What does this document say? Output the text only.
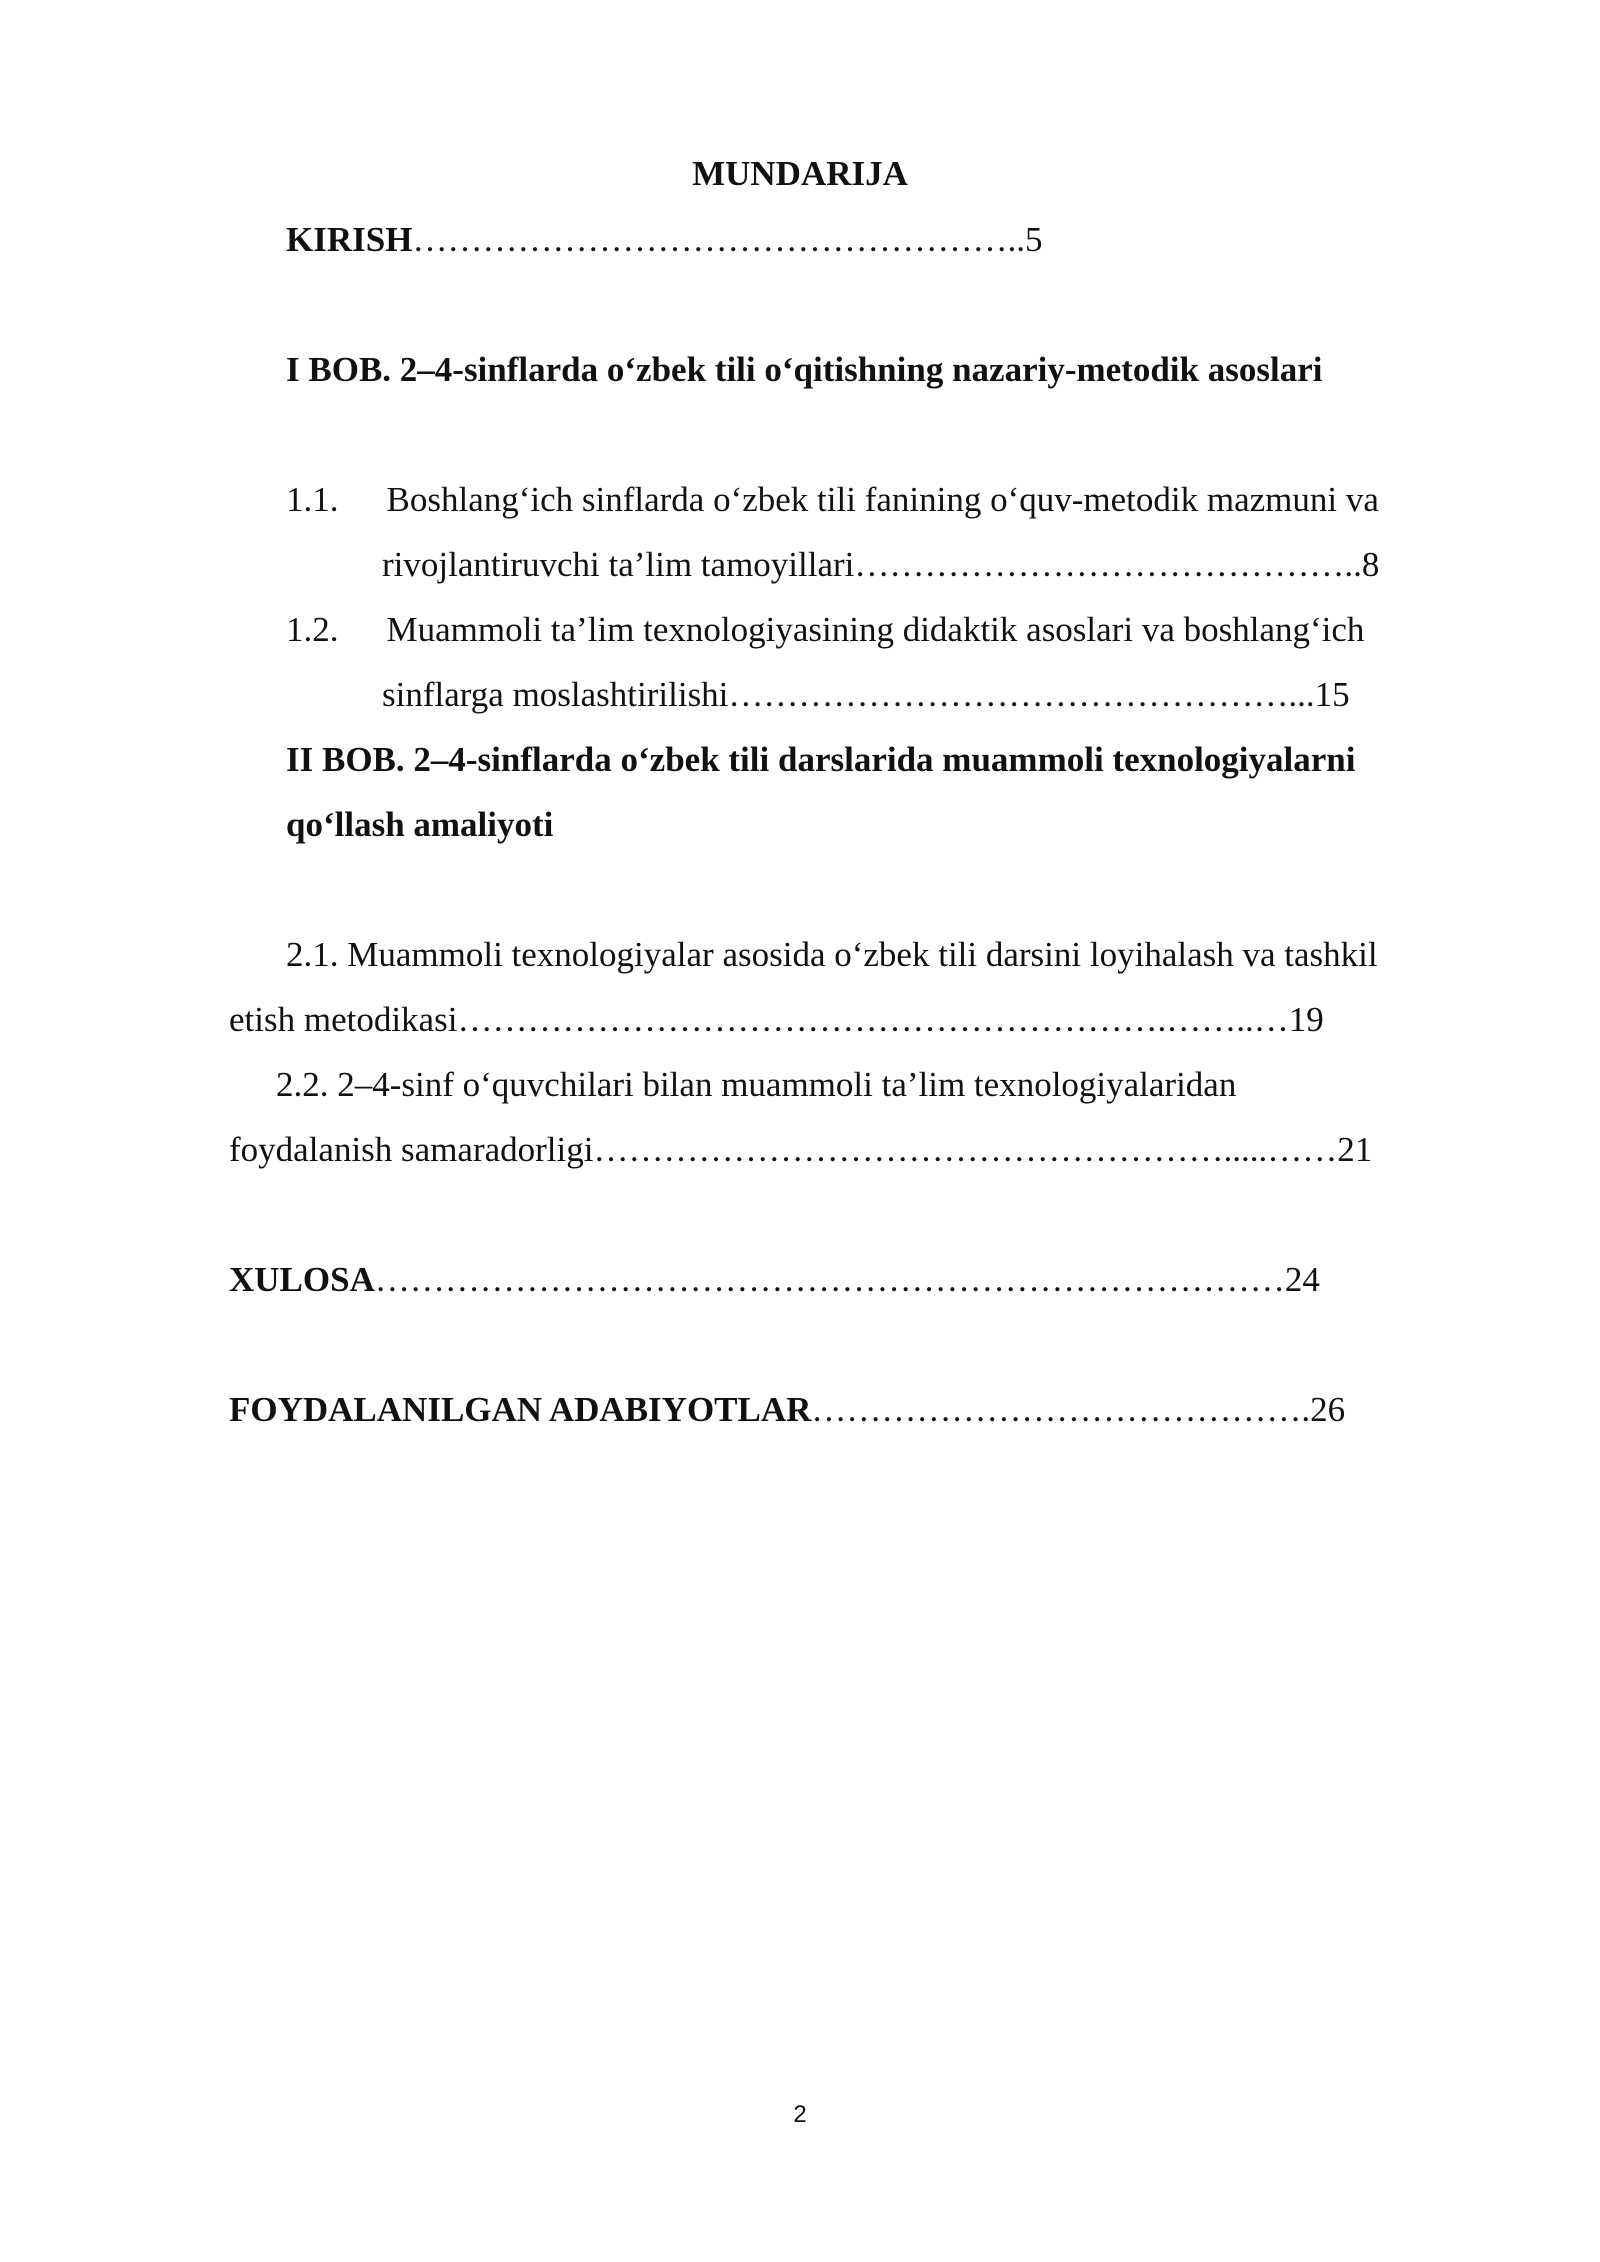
MUNDARIJA
KIRISH……………………………………………..5
I BOB. 2–4-sinflarda o‘zbek tili o‘qitishning nazariy-metodik asoslari
1.1. Boshlang‘ich sinflarda o‘zbek tili fanining o‘quv-metodik mazmuni va
rivojlantiruvchi ta’lim tamoyillari……………………………………..8
1.2. Muammoli ta’lim texnologiyasining didaktik asoslari va boshlang‘ich
sinflarga moslashtirilishi…………………………………………...15
II BOB. 2–4-sinflarda o‘zbek tili darslarida muammoli texnologiyalarni
qo‘llash amaliyoti
2.1. Muammoli texnologiyalar asosida o‘zbek tili darsini loyihalash va tashkil
etish metodikasi…………………………………………………….……..…19
2.2. 2–4-sinf o‘quvchilari bilan muammoli ta’lim texnologiyalaridan
foydalanish samaradorligi……………………………………………….....……21
XULOSA……………………………………………………………………24
FOYDALANILGAN ADABIYOTLAR…………………………………….26
2
